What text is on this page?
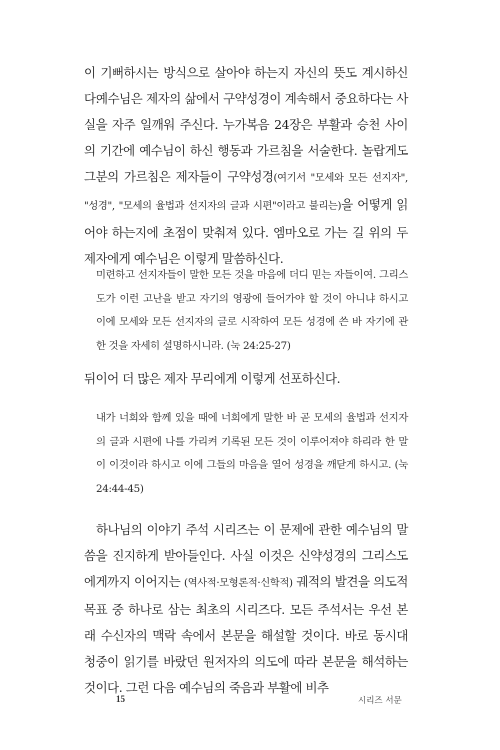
이 기뻐하시는 방식으로 살아야 하는지 자신의 뜻도 계시하신다.

예수님은 제자의 삶에서 구약성경이 계속해서 중요하다는 사실을 자주 일깨워 주신다. 누가복음 24장은 부활과 승천 사이의 기간에 예수님이 하신 행동과 가르침을 서술한다. 놀랍게도 그분의 가르침은 제자들이 구약성경(여기서 "모세와 모든 선지자", "성경", "모세의 율법과 선지자의 글과 시편"이라고 불리는)을 어떻게 읽어야 하는지에 초점이 맞춰져 있다. 엠마오로 가는 길 위의 두 제자에게 예수님은 이렇게 말씀하신다.

미련하고 선지자들이 말한 모든 것을 마음에 더디 믿는 자들이여. 그리스도가 이런 고난을 받고 자기의 영광에 들어가야 할 것이 아니냐 하시고 이에 모세와 모든 선지자의 글로 시작하여 모든 성경에 쓴 바 자기에 관한 것을 자세히 설명하시니라. (눅 24:25-27)

뒤이어 더 많은 제자 무리에게 이렇게 선포하신다.

내가 너희와 함께 있을 때에 너희에게 말한 바 곧 모세의 율법과 선지자의 글과 시편에 나를 가리켜 기록된 모든 것이 이루어져야 하리라 한 말이 이것이라 하시고 이에 그들의 마음을 열어 성경을 깨닫게 하시고. (눅 24:44-45)

하나님의 이야기 주석 시리즈는 이 문제에 관한 예수님의 말씀을 진지하게 받아들인다. 사실 이것은 신약성경의 그리스도에게까지 이어지는 (역사적·모형론적·신학적) 궤적의 발견을 의도적 목표 중 하나로 삼는 최초의 시리즈다. 모든 주석서는 우선 본래 수신자의 맥락 속에서 본문을 해설할 것이다. 바로 동시대 청중이 읽기를 바랐던 원저자의 의도에 따라 본문을 해석하는 것이다. 그런 다음 예수님의 죽음과 부활에 비추

15	시리즈 서문
